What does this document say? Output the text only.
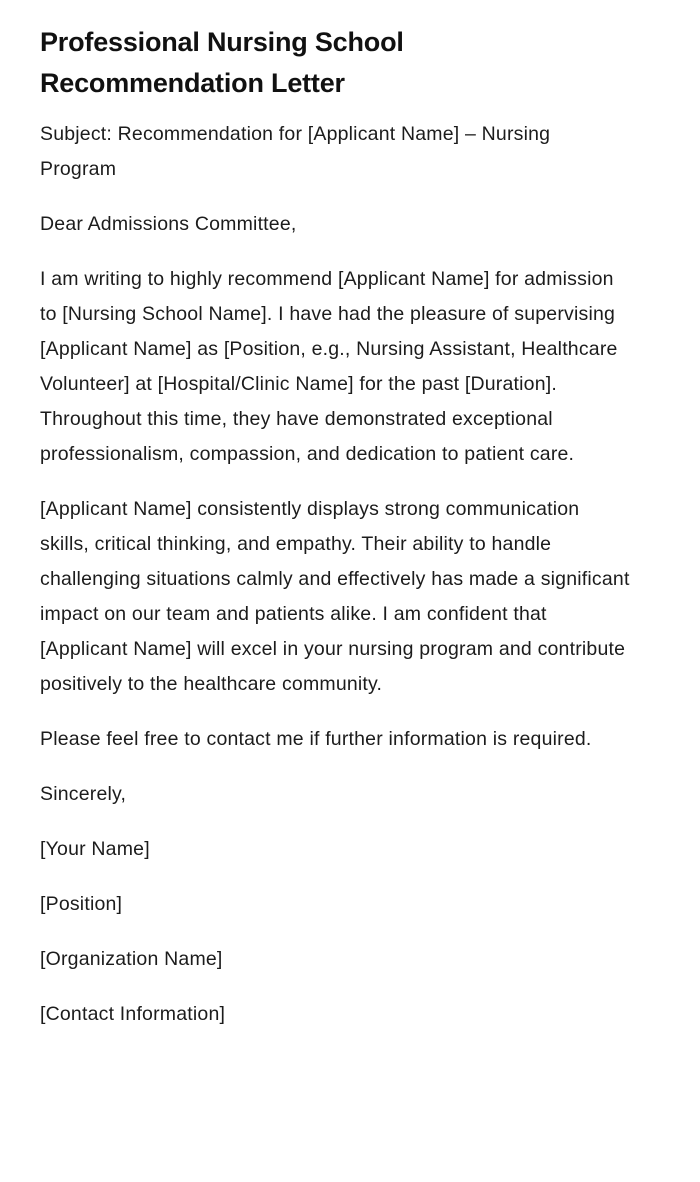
Professional Nursing School Recommendation Letter

Subject: Recommendation for [Applicant Name] – Nursing Program

Dear Admissions Committee,

I am writing to highly recommend [Applicant Name] for admission to [Nursing School Name]. I have had the pleasure of supervising [Applicant Name] as [Position, e.g., Nursing Assistant, Healthcare Volunteer] at [Hospital/Clinic Name] for the past [Duration]. Throughout this time, they have demonstrated exceptional professionalism, compassion, and dedication to patient care.

[Applicant Name] consistently displays strong communication skills, critical thinking, and empathy. Their ability to handle challenging situations calmly and effectively has made a significant impact on our team and patients alike. I am confident that [Applicant Name] will excel in your nursing program and contribute positively to the healthcare community.

Please feel free to contact me if further information is required.

Sincerely,

[Your Name]

[Position]

[Organization Name]

[Contact Information]
